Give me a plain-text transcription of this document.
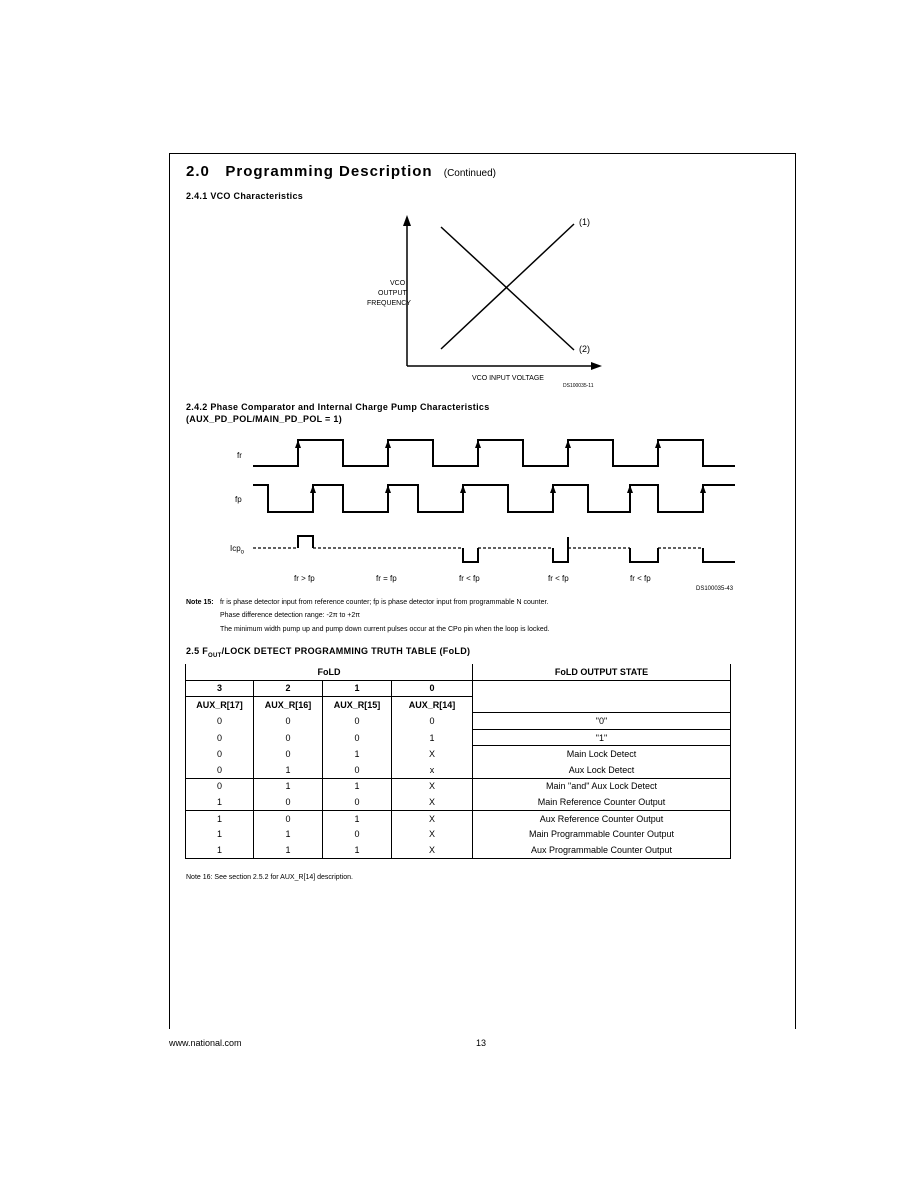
2.0 Programming Description (Continued)
2.4.1 VCO Characteristics
VCO
OUTPUT
FREQUENCY
VCO INPUT VOLTAGE
(1)
(2)
DS100035-11
2.4.2 Phase Comparator and Internal Charge Pump Characteristics
(AUX_PD_POL/MAIN_PD_POL = 1)
fr
fp
Icp$_o$
fr > fp	fr = fp	fr < fp	fr < fp	fr < fp
DS100035-43
Note 15: fr is phase detector input from reference counter; fp is phase detector input from programmable N counter.
Phase difference detection range: -2π to +2π
The minimum width pump up and pump down current pulses occur at the CPo pin when the loop is locked.
2.5 $F_{OUT}$/LOCK DETECT PROGRAMMING TRUTH TABLE (FoLD)
FoLD				FoLD OUTPUT STATE
3	2	1	0	
AUX_R[17]	AUX_R[16]	AUX_R[15]	AUX_R[14]	
0	0	0	0	"0"
0	0	0	1	"1"
0	0	1	X	Main Lock Detect
0	1	0	x	Aux Lock Detect
0	1	1	X	Main "and" Aux Lock Detect
1	0	0	X	Main Reference Counter Output
1	0	1	X	Aux Reference Counter Output
1	1	0	X	Main Programmable Counter Output
1	1	1	X	Aux Programmable Counter Output
Note 16: See section 2.5.2 for AUX_R[14] description.
www.national.com	13
